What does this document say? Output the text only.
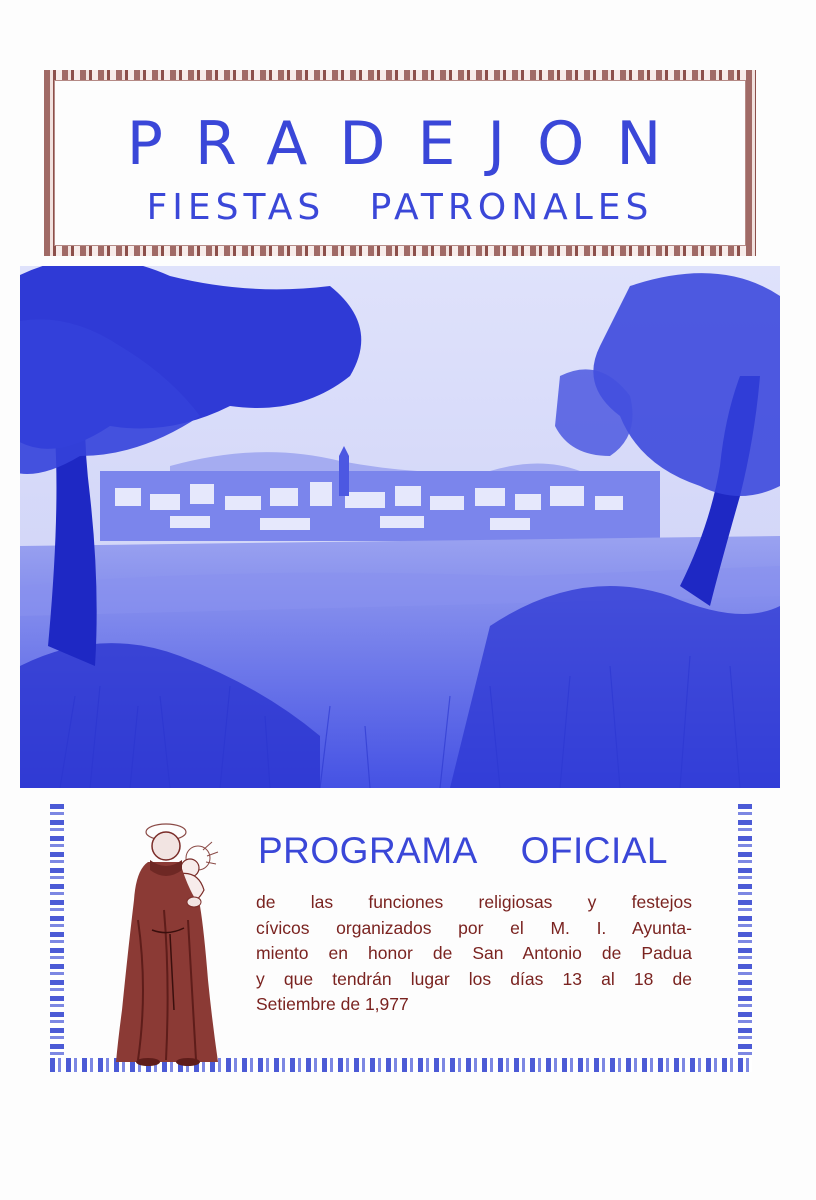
PRADEJON
FIESTAS PATRONALES
PROGRAMA OFICIAL
de las funciones religiosas y festejos
cívicos organizados por el M. I. Ayunta-
miento en honor de San Antonio de Padua
y que tendrán lugar los días 13 al 18 de
Setiembre de 1,977
